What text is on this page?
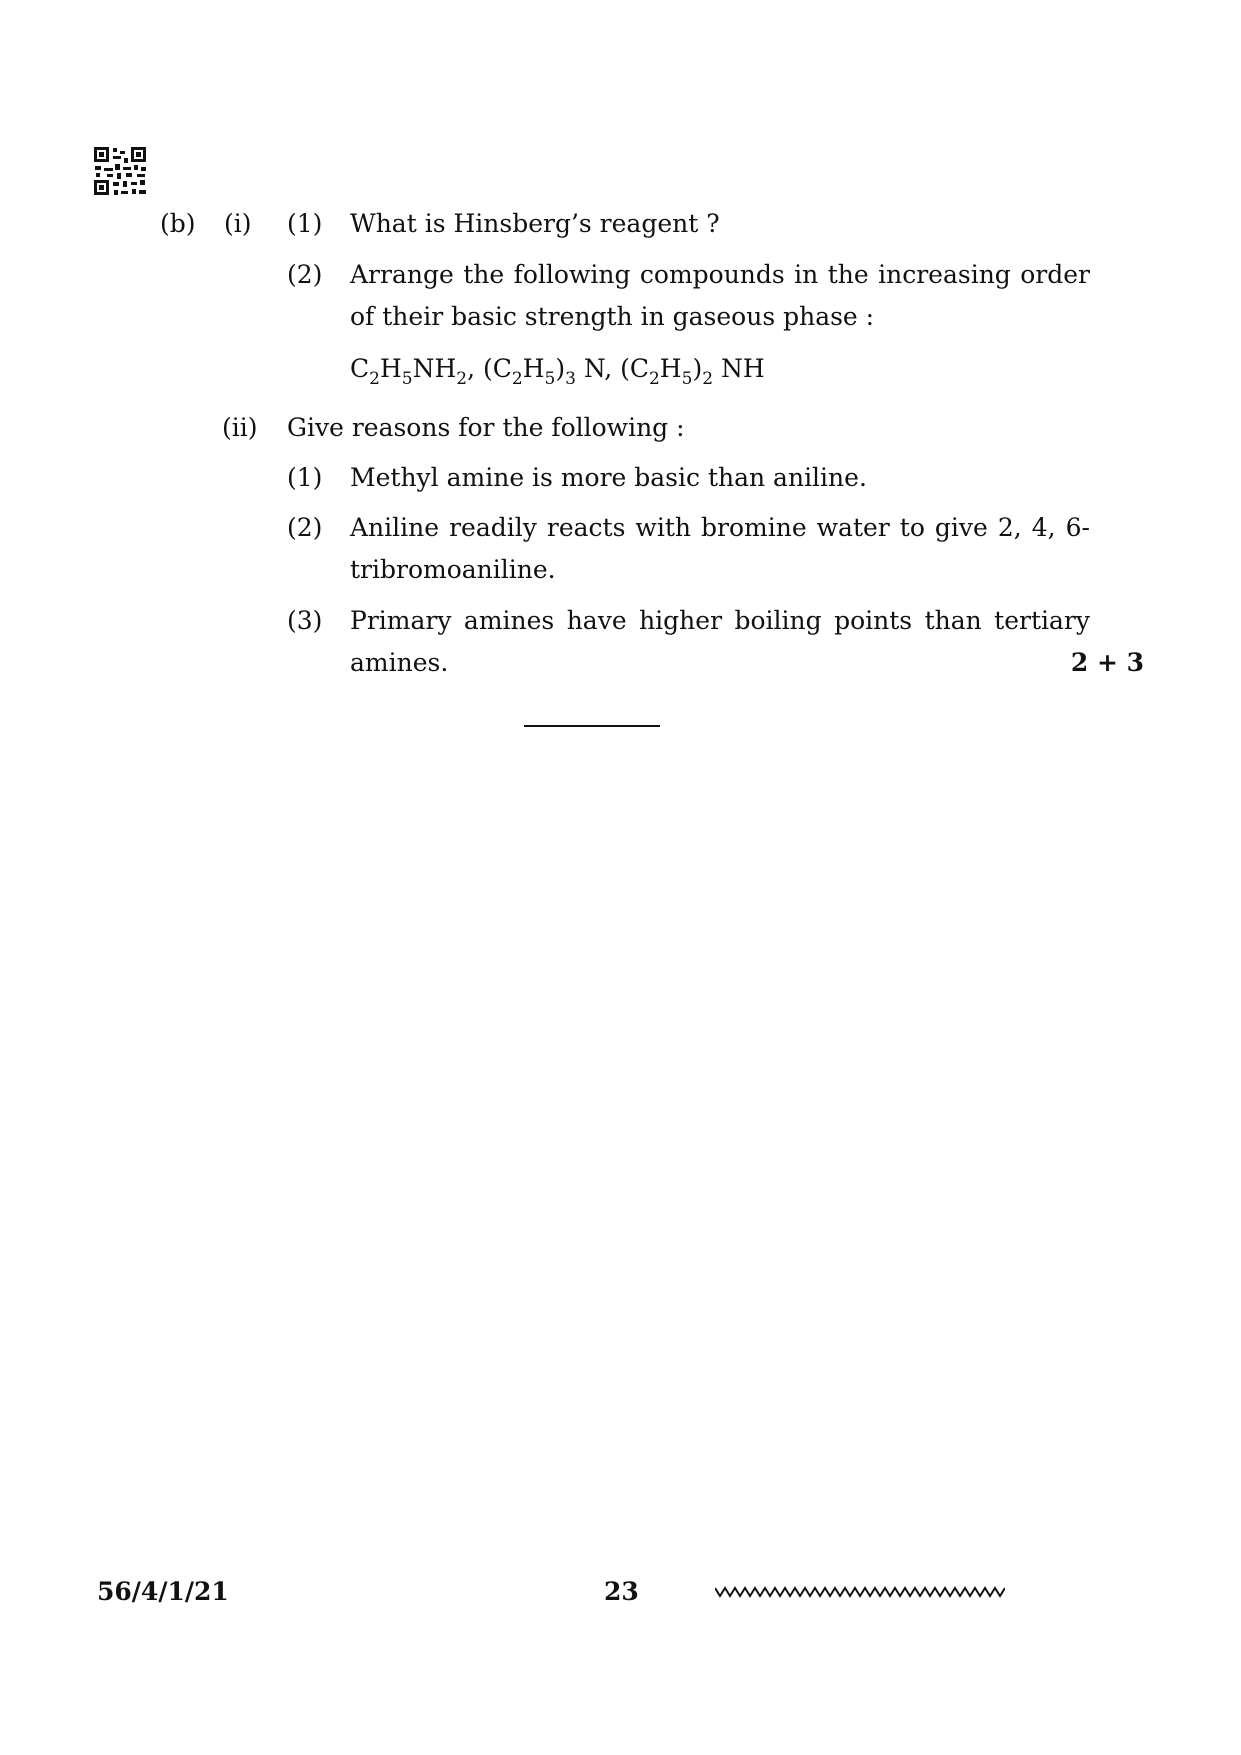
(b) (i) (1) What is Hinsberg’s reagent ?
(2) Arrange the following compounds in the increasing order
of their basic strength in gaseous phase :
$C_2H_5NH_2$, $(C_2H_5)_3$ N, $(C_2H_5)_2$ NH
(ii) Give reasons for the following :
(1) Methyl amine is more basic than aniline.
(2) Aniline readily reacts with bromine water to give 2, 4, 6-
tribromoaniline.
(3) Primary amines have higher boiling points than tertiary
amines.	2 + 3
56/4/1/21	23
